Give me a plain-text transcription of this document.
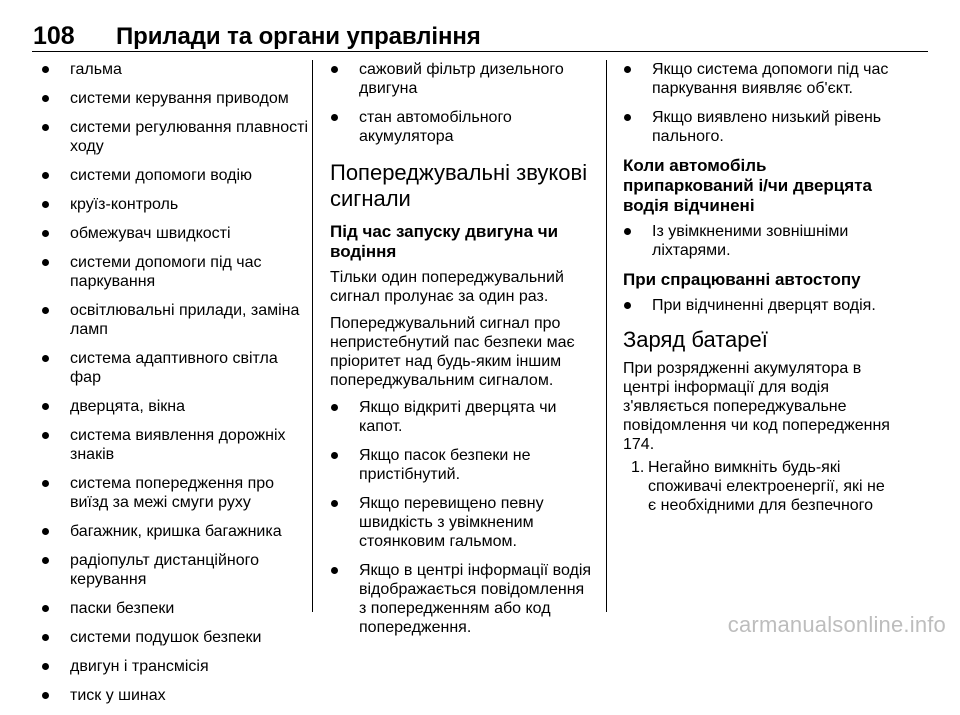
108 Прилади та органи управління
гальма
системи керування приводом
системи регулювання плавності ходу
системи допомоги водію
круїз-контроль
обмежувач швидкості
системи допомоги під час паркування
освітлювальні прилади, заміна ламп
система адаптивного світла фар
дверцята, вікна
система виявлення дорожніх знаків
система попередження про виїзд за межі смуги руху
багажник, кришка багажника
радіопульт дистанційного керування
паски безпеки
системи подушок безпеки
двигун і трансмісія
тиск у шинах
сажовий фільтр дизельного двигуна
стан автомобільного акумулятора
Попереджувальні звукові сигнали
Під час запуску двигуна чи водіння

Тільки один попереджувальний сигнал пролунає за один раз.

Попереджувальний сигнал про непристебнутий пас безпеки має пріоритет над будь-яким іншим попереджувальним сигналом.

Якщо відкриті дверцята чи капот.
Якщо пасок безпеки не пристібнутий.
Якщо перевищено певну швидкість з увімкненим стоянковим гальмом.
Якщо в центрі інформації водія відображається повідомлення з попередженням або код попередження.
Якщо система допомоги під час паркування виявляє об'єкт.
Якщо виявлено низький рівень пального.
Коли автомобіль припаркований і/чи дверцята водія відчинені
Із увімкненими зовнішніми ліхтарями.
При спрацюванні автостопу
При відчиненні дверцят водія.
Заряд батареї

При розрядженні акумулятора в центрі інформації для водія з'являється попереджувальне повідомлення чи код попередження 174.

1. Негайно вимкніть будь-які споживачі електроенергії, які не є необхідними для безпечного
carmanualsonline.info
